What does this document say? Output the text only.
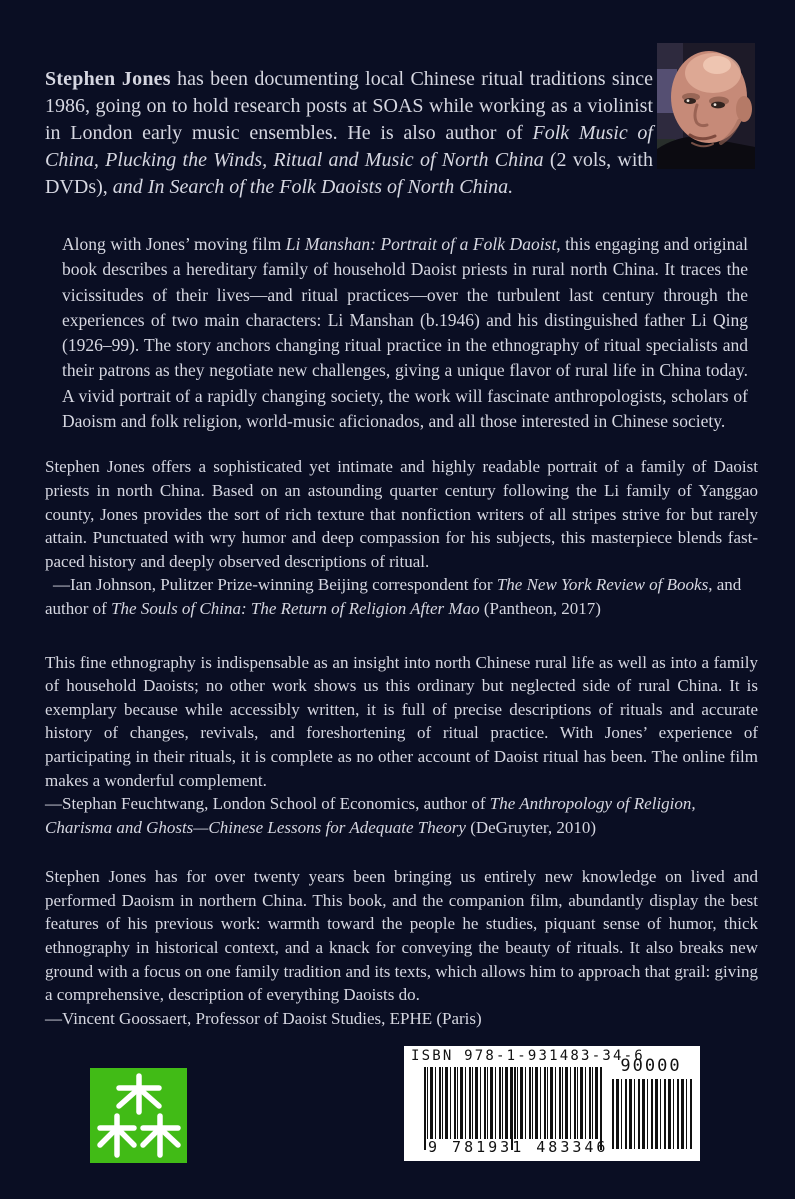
Stephen Jones has been documenting local Chinese ritual traditions since 1986, going on to hold research posts at SOAS while working as a violinist in London early music ensembles. He is also author of Folk Music of China, Plucking the Winds, Ritual and Music of North China (2 vols, with DVDs), and In Search of the Folk Daoists of North China.

Along with Jones’ moving film Li Manshan: Portrait of a Folk Daoist, this engaging and original book describes a hereditary family of household Daoist priests in rural north China. It traces the vicissitudes of their lives—and ritual practices—over the turbulent last century through the experiences of two main characters: Li Manshan (b.1946) and his distinguished father Li Qing (1926–99). The story anchors changing ritual practice in the ethnography of ritual specialists and their patrons as they negotiate new challenges, giving a unique flavor of rural life in China today. A vivid portrait of a rapidly changing society, the work will fascinate anthropologists, scholars of Daoism and folk religion, world-music aficionados, and all those interested in Chinese society.

Stephen Jones offers a sophisticated yet intimate and highly readable portrait of a family of Daoist priests in north China. Based on an astounding quarter century following the Li family of Yanggao county, Jones provides the sort of rich texture that nonfiction writers of all stripes strive for but rarely attain. Punctuated with wry humor and deep compassion for his subjects, this masterpiece blends fast-paced history and deeply observed descriptions of ritual.

—Ian Johnson, Pulitzer Prize-winning Beijing correspondent for The New York Review of Books, and author of The Souls of China: The Return of Religion After Mao (Pantheon, 2017)

This fine ethnography is indispensable as an insight into north Chinese rural life as well as into a family of household Daoists; no other work shows us this ordinary but neglected side of rural China. It is exemplary because while accessibly written, it is full of precise descriptions of rituals and accurate history of changes, revivals, and foreshortening of ritual practice. With Jones’ experience of participating in their rituals, it is complete as no other account of Daoist ritual has been. The online film makes a wonderful complement.

—Stephan Feuchtwang, London School of Economics, author of The Anthropology of Religion, Charisma and Ghosts—Chinese Lessons for Adequate Theory (DeGruyter, 2010)

Stephen Jones has for over twenty years been bringing us entirely new knowledge on lived and performed Daoism in northern China. This book, and the companion film, abundantly display the best features of his previous work: warmth toward the people he studies, piquant sense of humor, thick ethnography in historical context, and a knack for conveying the beauty of rituals. It also breaks new ground with a focus on one family tradition and its texts, which allows him to approach that grail: giving a comprehensive, description of everything Daoists do.

—Vincent Goossaert, Professor of Daoist Studies, EPHE (Paris)

ISBN 978-1-931483-34-6
9 781931 483346
90000
